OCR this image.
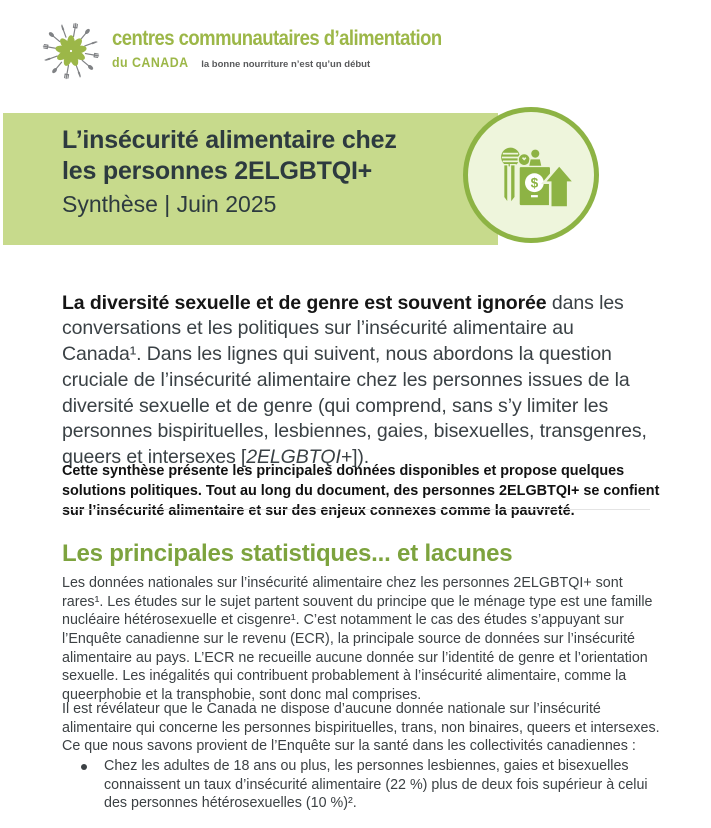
centres communautaires d’alimentation
du CANADA la bonne nourriture n’est qu’un début
L’insécurité alimentaire chez
les personnes 2ELGBTQI+
Synthèse | Juin 2025
$

La diversité sexuelle et de genre est souvent ignorée dans les conversations et les politiques sur l’insécurité alimentaire au Canada¹. Dans les lignes qui suivent, nous abordons la question cruciale de l’insécurité alimentaire chez les personnes issues de la diversité sexuelle et de genre (qui comprend, sans s’y limiter les personnes bispirituelles, lesbiennes, gaies, bisexuelles, transgenres, queers et intersexes [2ELGBTQI+]).

Cette synthèse présente les principales données disponibles et propose quelques solutions politiques. Tout au long du document, des personnes 2ELGBTQI+ se confient sur l’insécurité alimentaire et sur des enjeux connexes comme la pauvreté.

Les principales statistiques... et lacunes

Les données nationales sur l’insécurité alimentaire chez les personnes 2ELGBTQI+ sont rares¹. Les études sur le sujet partent souvent du principe que le ménage type est une famille nucléaire hétérosexuelle et cisgenre¹. C’est notamment le cas des études s’appuyant sur l’Enquête canadienne sur le revenu (ECR), la principale source de données sur l’insécurité alimentaire au pays. L’ECR ne recueille aucune donnée sur l’identité de genre et l’orientation sexuelle. Les inégalités qui contribuent probablement à l’insécurité alimentaire, comme la queerphobie et la transphobie, sont donc mal comprises.

Il est révélateur que le Canada ne dispose d’aucune donnée nationale sur l’insécurité alimentaire qui concerne les personnes bispirituelles, trans, non binaires, queers et intersexes. Ce que nous savons provient de l’Enquête sur la santé dans les collectivités canadiennes :

Chez les adultes de 18 ans ou plus, les personnes lesbiennes, gaies et bisexuelles connaissent un taux d’insécurité alimentaire (22 %) plus de deux fois supérieur à celui des personnes hétérosexuelles (10 %)².
